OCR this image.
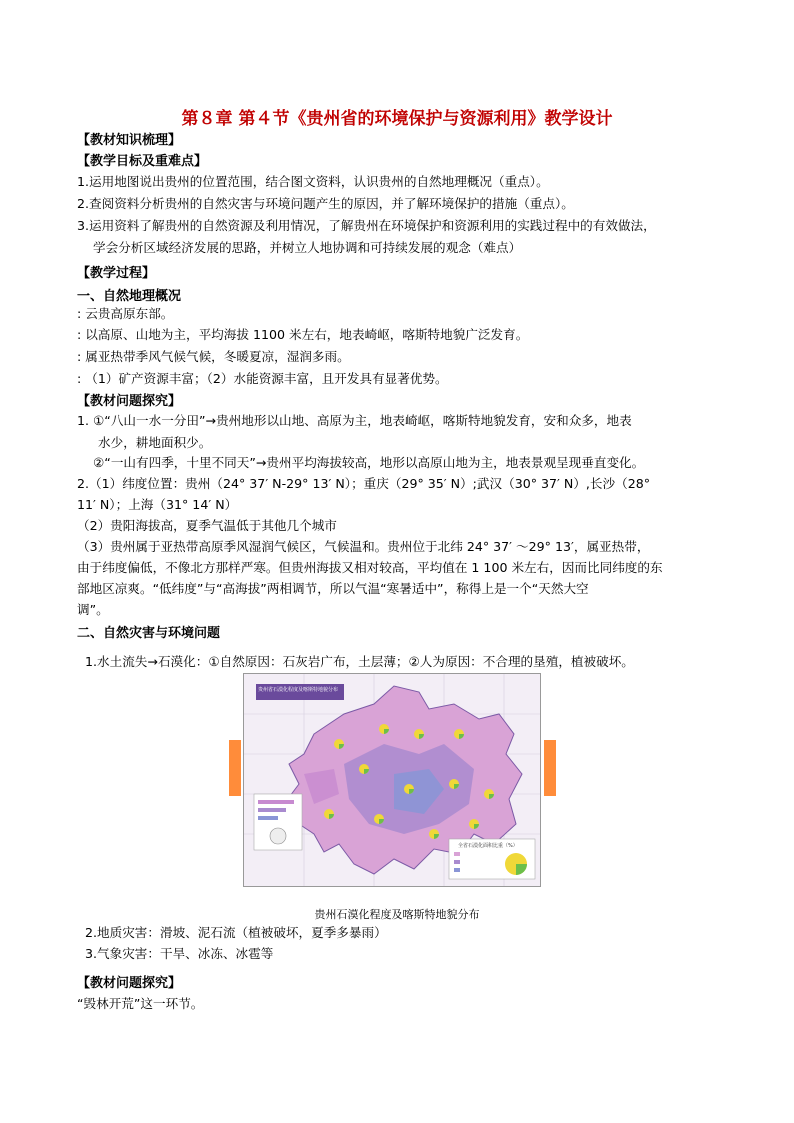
第８章 第４节《贵州省的环境保护与资源利用》教学设计
【教材知识梳理】
【教学目标及重难点】
1.运用地图说出贵州的位置范围，结合图文资料，认识贵州的自然地理概况（重点）。
2.查阅资料分析贵州的自然灾害与环境问题产生的原因，并了解环境保护的措施（重点）。
3.运用资料了解贵州的自然资源及利用情况，了解贵州在环境保护和资源利用的实践过程中的有效做法，
学会分析区域经济发展的思路，并树立人地协调和可持续发展的观念（难点）
【教学过程】
一、自然地理概况
: 云贵高原东部。
: 以高原、山地为主，平均海拔 1100 米左右，地表崎岖，喀斯特地貌广泛发育。
: 属亚热带季风气候气候，冬暖夏凉，湿润多雨。
: （1）矿产资源丰富；（2）水能资源丰富，且开发具有显著优势。
【教材问题探究】
1. ①“八山一水一分田”→贵州地形以山地、高原为主，地表崎岖，喀斯特地貌发育，安和众多，地表
水少，耕地面积少。
②“一山有四季，十里不同天”→贵州平均海拔较高，地形以高原山地为主，地表景观呈现垂直变化。
2.（1）纬度位置：贵州（24° 37′ N-29° 13′ N）；重庆（29° 35′ N）;武汉（30° 37′ N）,长沙（28°
11′ N）；上海（31° 14′ N）
（2）贵阳海拔高，夏季气温低于其他几个城市
（3）贵州属于亚热带高原季风湿润气候区，气候温和。贵州位于北纬 24° 37′ ～29° 13′，属亚热带，
由于纬度偏低，不像北方那样严寒。但贵州海拔又相对较高，平均值在 1 100 米左右，因而比同纬度的东
部地区凉爽。“低纬度”与“高海拔”两相调节，所以气温“寒暑适中”，称得上是一个“天然大空
调”。
二、自然灾害与环境问题
1.水土流失→石漠化：①自然原因：石灰岩广布，土层薄；②人为原因：不合理的垦殖，植被破坏。
贵州省石漠化程度及喀斯特地貌分布
全省石漠化面积比重（%）
贵州石漠化程度及喀斯特地貌分布
2.地质灾害：滑坡、泥石流（植被破坏，夏季多暴雨）
3.气象灾害：干旱、冰冻、冰雹等
【教材问题探究】
“毁林开荒”这一环节。
